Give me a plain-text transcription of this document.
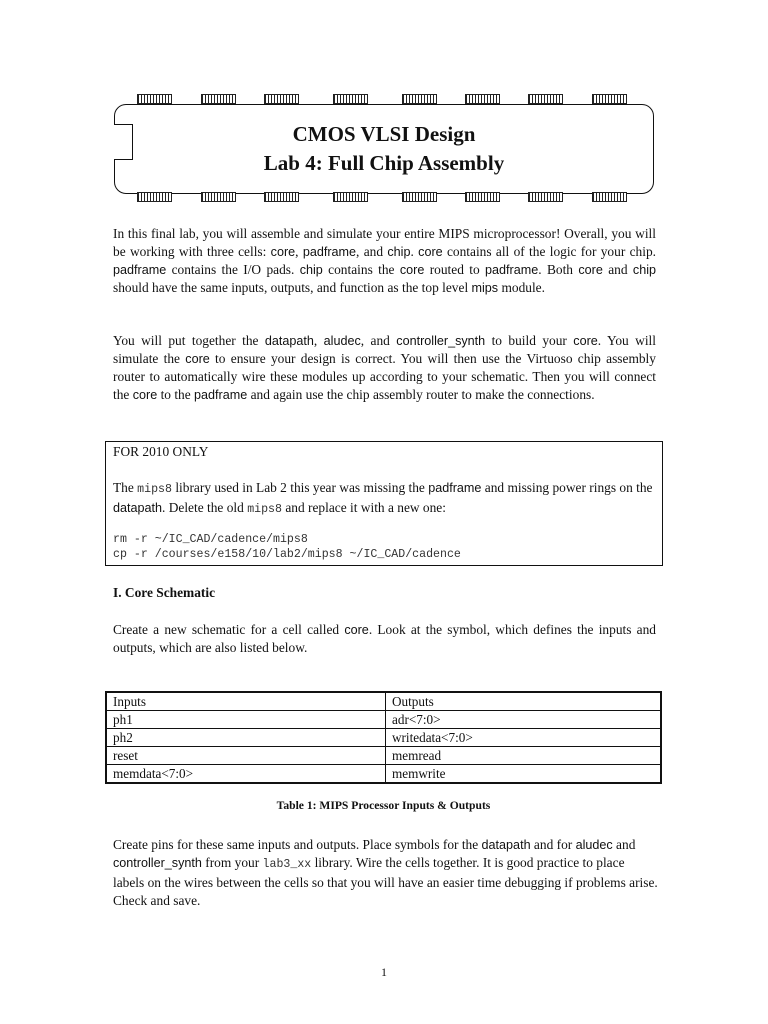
CMOS VLSI Design
Lab 4: Full Chip Assembly

In this final lab, you will assemble and simulate your entire MIPS microprocessor! Overall, you will be working with three cells: core, padframe, and chip. core contains all of the logic for your chip. padframe contains the I/O pads. chip contains the core routed to padframe. Both core and chip should have the same inputs, outputs, and function as the top level mips module.

You will put together the datapath, aludec, and controller_synth to build your core. You will simulate the core to ensure your design is correct. You will then use the Virtuoso chip assembly router to automatically wire these modules up according to your schematic. Then you will connect the core to the padframe and again use the chip assembly router to make the connections.

FOR 2010 ONLY

The mips8 library used in Lab 2 this year was missing the padframe and missing power rings on the datapath. Delete the old mips8 and replace it with a new one:

rm -r ~/IC_CAD/cadence/mips8
cp -r /courses/e158/10/lab2/mips8 ~/IC_CAD/cadence
I. Core Schematic

Create a new schematic for a cell called core. Look at the symbol, which defines the inputs and outputs, which are also listed below.

Inputs	Outputs
ph1	adr<7:0>
ph2	writedata<7:0>
reset	memread
memdata<7:0>	memwrite
Table 1: MIPS Processor Inputs & Outputs

Create pins for these same inputs and outputs. Place symbols for the datapath and for aludec and controller_synth from your lab3_xx library. Wire the cells together. It is good practice to place labels on the wires between the cells so that you will have an easier time debugging if problems arise. Check and save.

1
